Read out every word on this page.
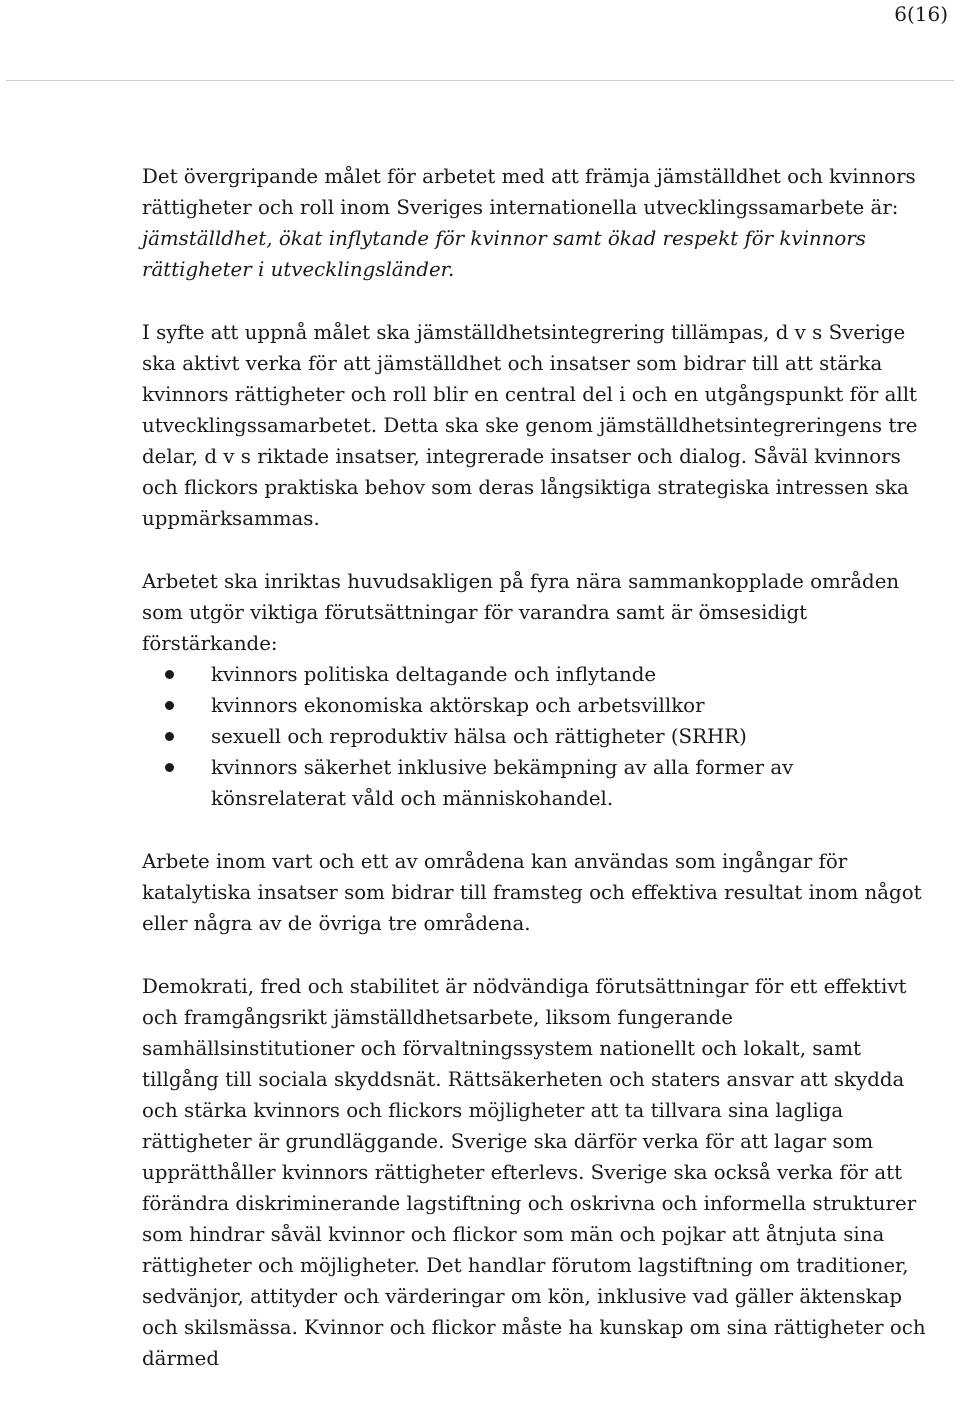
6(16)

Det övergripande målet för arbetet med att främja jämställdhet och kvinnors rättigheter och roll inom Sveriges internationella utvecklingssamarbete är: jämställdhet, ökat inflytande för kvinnor samt ökad respekt för kvinnors rättigheter i utvecklingsländer.

I syfte att uppnå målet ska jämställdhetsintegrering tillämpas, d v s Sverige ska aktivt verka för att jämställdhet och insatser som bidrar till att stärka kvinnors rättigheter och roll blir en central del i och en utgångspunkt för allt utvecklingssamarbetet. Detta ska ske genom jämställdhetsintegreringens tre delar, d v s riktade insatser, integrerade insatser och dialog. Såväl kvinnors och flickors praktiska behov som deras långsiktiga strategiska intressen ska uppmärksammas.

Arbetet ska inriktas huvudsakligen på fyra nära sammankopplade områden som utgör viktiga förutsättningar för varandra samt är ömsesidigt förstärkande:
kvinnors politiska deltagande och inflytande
kvinnors ekonomiska aktörskap och arbetsvillkor
sexuell och reproduktiv hälsa och rättigheter (SRHR)
kvinnors säkerhet inklusive bekämpning av alla former av könsrelaterat våld och människohandel.

Arbete inom vart och ett av områdena kan användas som ingångar för katalytiska insatser som bidrar till framsteg och effektiva resultat inom något eller några av de övriga tre områdena.

Demokrati, fred och stabilitet är nödvändiga förutsättningar för ett effektivt och framgångsrikt jämställdhetsarbete, liksom fungerande samhällsinstitutioner och förvaltningssystem nationellt och lokalt, samt tillgång till sociala skyddsnät. Rättsäkerheten och staters ansvar att skydda och stärka kvinnors och flickors möjligheter att ta tillvara sina lagliga rättigheter är grundläggande. Sverige ska därför verka för att lagar som upprätthåller kvinnors rättigheter efterlevs. Sverige ska också verka för att förändra diskriminerande lagstiftning och oskrivna och informella strukturer som hindrar såväl kvinnor och flickor som män och pojkar att åtnjuta sina rättigheter och möjligheter. Det handlar förutom lagstiftning om traditioner, sedvänjor, attityder och värderingar om kön, inklusive vad gäller äktenskap och skilsmässa. Kvinnor och flickor måste ha kunskap om sina rättigheter och därmed
